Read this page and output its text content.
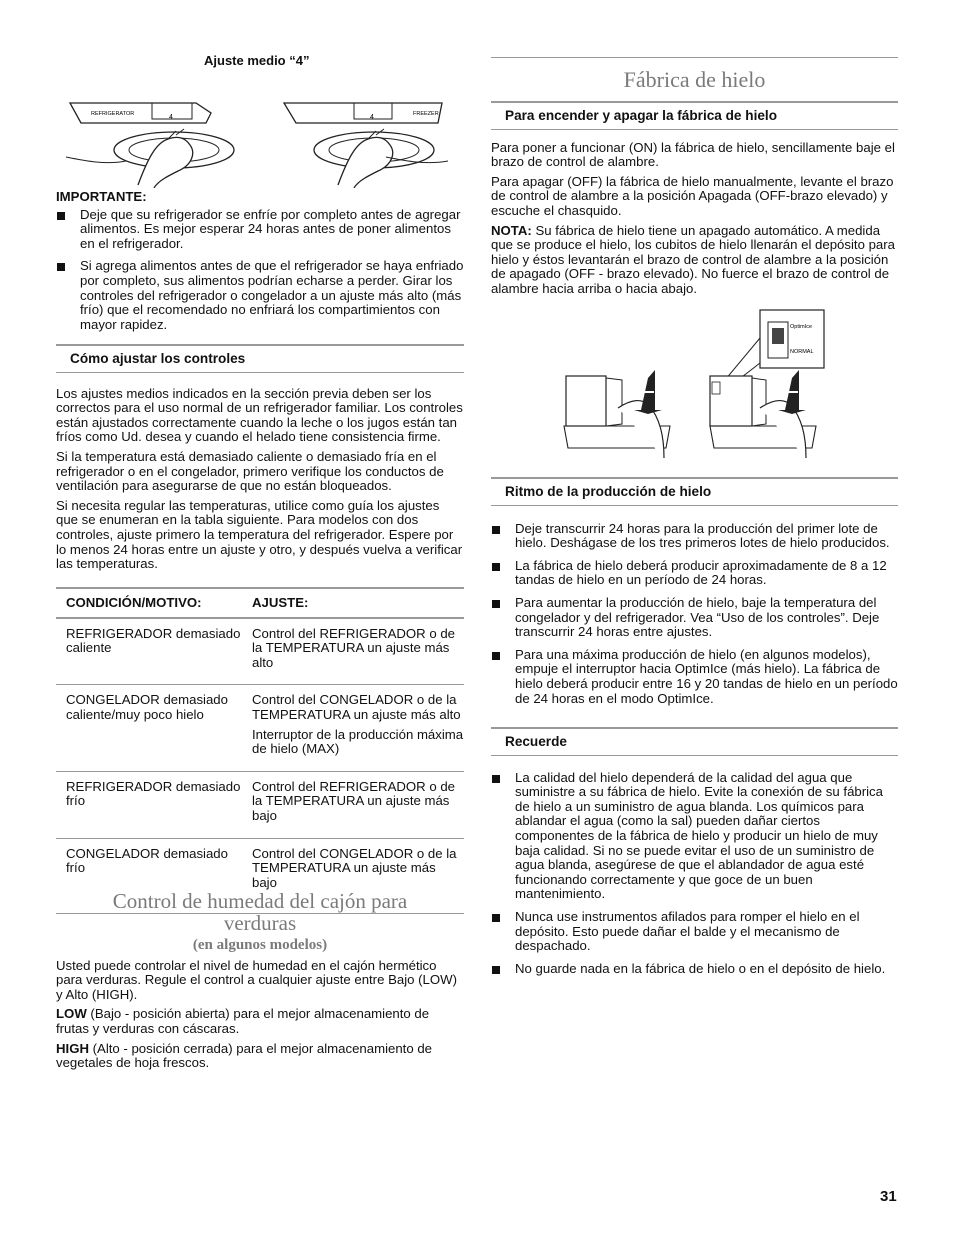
Ajuste medio “4”
REFRIGERATOR	4	FREEZER
4
IMPORTANTE:
Deje que su refrigerador se enfríe por completo antes de agregar alimentos. Es mejor esperar 24 horas antes de poner alimentos en el refrigerador.
Si agrega alimentos antes de que el refrigerador se haya enfriado por completo, sus alimentos podrían echarse a perder. Girar los controles del refrigerador o congelador a un ajuste más alto (más frío) que el recomendado no enfriará los compartimientos con mayor rapidez.
Cómo ajustar los controles

Los ajustes medios indicados en la sección previa deben ser los correctos para el uso normal de un refrigerador familiar. Los controles están ajustados correctamente cuando la leche o los jugos están tan fríos como Ud. desea y cuando el helado tiene consistencia firme.

Si la temperatura está demasiado caliente o demasiado fría en el refrigerador o en el congelador, primero verifique los conductos de ventilación para asegurarse de que no están bloqueados.

Si necesita regular las temperaturas, utilice como guía los ajustes que se enumeran en la tabla siguiente. Para modelos con dos controles, ajuste primero la temperatura del refrigerador. Espere por lo menos 24 horas entre un ajuste y otro, y después vuelva a verificar las temperaturas.

CONDICIÓN/MOTIVO:	AJUSTE:
REFRIGERADOR demasiado caliente	Control del REFRIGERADOR o de la TEMPERATURA un ajuste más alto

CONGELADOR demasiado caliente/muy poco hielo	Control del CONGELADOR o de la TEMPERATURA un ajuste más alto

Interruptor de la producción máxima de hielo (MAX)

REFRIGERADOR demasiado frío	Control del REFRIGERADOR o de la TEMPERATURA un ajuste más bajo

CONGELADOR demasiado frío	Control del CONGELADOR o de la TEMPERATURA un ajuste más bajo

Control de humedad del cajón para verduras
(en algunos modelos)

Usted puede controlar el nivel de humedad en el cajón hermético para verduras. Regule el control a cualquier ajuste entre Bajo (LOW) y Alto (HIGH).

LOW (Bajo - posición abierta) para el mejor almacenamiento de frutas y verduras con cáscaras.

HIGH (Alto - posición cerrada) para el mejor almacenamiento de vegetales de hoja frescos.

Fábrica de hielo
Para encender y apagar la fábrica de hielo

Para poner a funcionar (ON) la fábrica de hielo, sencillamente baje el brazo de control de alambre.

Para apagar (OFF) la fábrica de hielo manualmente, levante el brazo de control de alambre a la posición Apagada (OFF-brazo elevado) y escuche el chasquido.

NOTA: Su fábrica de hielo tiene un apagado automático. A medida que se produce el hielo, los cubitos de hielo llenarán el depósito para hielo y éstos levantarán el brazo de control de alambre a la posición de apagado (OFF - brazo elevado). No fuerce el brazo de control de alambre hacia arriba o hacia abajo.

OptimIce
NORMAL
Ritmo de la producción de hielo
Deje transcurrir 24 horas para la producción del primer lote de hielo. Deshágase de los tres primeros lotes de hielo producidos.
La fábrica de hielo deberá producir aproximadamente de 8 a 12 tandas de hielo en un período de 24 horas.
Para aumentar la producción de hielo, baje la temperatura del congelador y del refrigerador. Vea “Uso de los controles”. Deje transcurrir 24 horas entre ajustes.
Para una máxima producción de hielo (en algunos modelos), empuje el interruptor hacia OptimIce (más hielo). La fábrica de hielo deberá producir entre 16 y 20 tandas de hielo en un período de 24 horas en el modo OptimIce.
Recuerde
La calidad del hielo dependerá de la calidad del agua que suministre a su fábrica de hielo. Evite la conexión de su fábrica de hielo a un suministro de agua blanda. Los químicos para ablandar el agua (como la sal) pueden dañar ciertos componentes de la fábrica de hielo y producir un hielo de muy baja calidad. Si no se puede evitar el uso de un suministro de agua blanda, asegúrese de que el ablandador de agua esté funcionando correctamente y que goce de un buen mantenimiento.
Nunca use instrumentos afilados para romper el hielo en el depósito. Esto puede dañar el balde y el mecanismo de despachado.
No guarde nada en la fábrica de hielo o en el depósito de hielo.
31
